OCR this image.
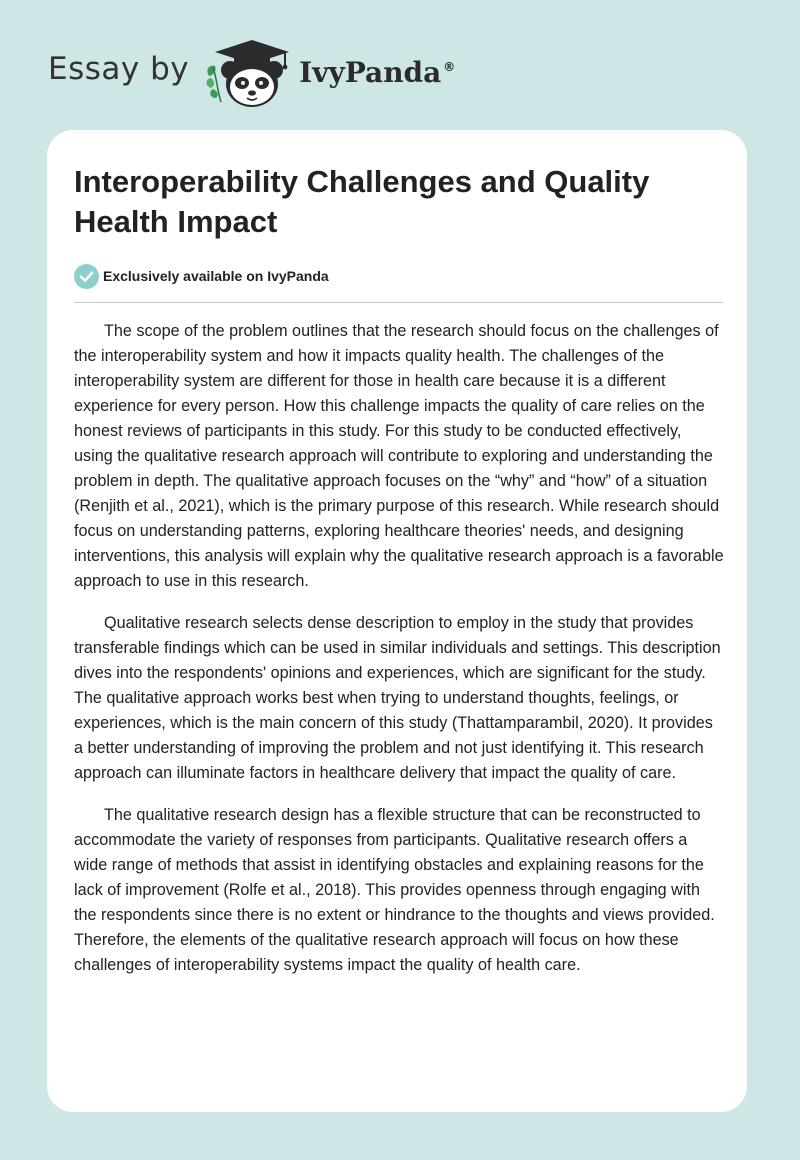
Essay by	IvyPanda ®
Interoperability Challenges and Quality Health Impact
Exclusively available on IvyPanda

The scope of the problem outlines that the research should focus on the challenges of the interoperability system and how it impacts quality health. The challenges of the interoperability system are different for those in health care because it is a different experience for every person. How this challenge impacts the quality of care relies on the honest reviews of participants in this study. For this study to be conducted effectively, using the qualitative research approach will contribute to exploring and understanding the problem in depth. The qualitative approach focuses on the “why” and “how” of a situation (Renjith et al., 2021), which is the primary purpose of this research. While research should focus on understanding patterns, exploring healthcare theories' needs, and designing interventions, this analysis will explain why the qualitative research approach is a favorable approach to use in this research.

Qualitative research selects dense description to employ in the study that provides transferable findings which can be used in similar individuals and settings. This description dives into the respondents' opinions and experiences, which are significant for the study. The qualitative approach works best when trying to understand thoughts, feelings, or experiences, which is the main concern of this study (Thattamparambil, 2020). It provides a better understanding of improving the problem and not just identifying it. This research approach can illuminate factors in healthcare delivery that impact the quality of care.

The qualitative research design has a flexible structure that can be reconstructed to accommodate the variety of responses from participants. Qualitative research offers a wide range of methods that assist in identifying obstacles and explaining reasons for the lack of improvement (Rolfe et al., 2018). This provides openness through engaging with the respondents since there is no extent or hindrance to the thoughts and views provided. Therefore, the elements of the qualitative research approach will focus on how these challenges of interoperability systems impact the quality of health care.
